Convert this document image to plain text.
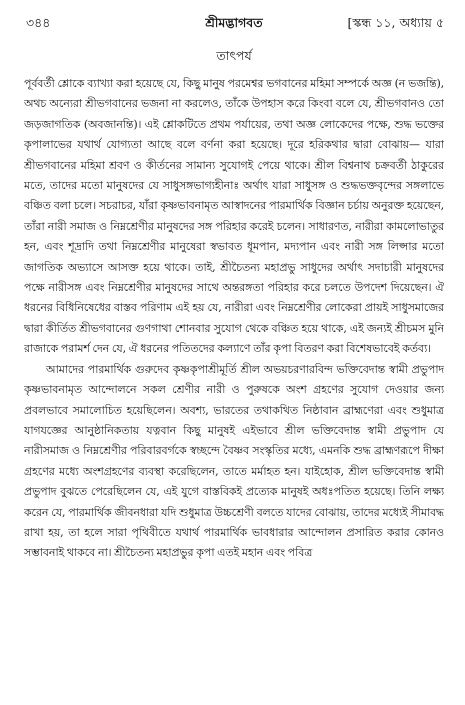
৩৪৪	শ্রীমদ্ভাগবত	[স্কন্ধ ১১, অধ্যায় ৫
তাৎপর্য

পূর্ববর্তী শ্লোকে ব্যাখ্যা করা হয়েছে যে, কিছু মানুষ পরমেশ্বর ভগবানের মহিমা সম্পর্কে অজ্ঞ (ন ভজন্তি), অথচ অন্যেরা শ্রীভগবানের ভজনা না করলেও, তাঁকে উপহাস করে কিংবা বলে যে, শ্রীভগবানও তো জড়জাগতিক (অবজানন্তি)। এই শ্লোকটিতে প্রথম পর্যায়ের, তথা অজ্ঞ লোকেদের পক্ষে, শুদ্ধ ভক্তের কৃপালাভের যথার্থ যোগ্যতা আছে বলে বর্ণনা করা হয়েছে। দূরে হরিকথার দ্বারা বোঝায়— যারা শ্রীভগবানের মহিমা শ্রবণ ও কীর্তনের সামান্য সুযোগই পেয়ে থাকে। শ্রীল বিশ্বনাথ চক্রবর্তী ঠাকুরের মতে, তাদের মতো মানুষদের যে সাধুসঙ্গভাগ্যহীনাঃ অর্থাৎ যারা সাধুসঙ্গ ও শুদ্ধভক্তবৃন্দের সঙ্গলাভে বঞ্চিত বলা চলে। সচরাচর, যাঁরা কৃষ্ণভাবনামৃত আস্বাদনের পারমার্থিক বিজ্ঞান চর্চায় অনুরক্ত হয়েছেন, তাঁরা নারী সমাজ ও নিম্নশ্রেণীর মানুষদের সঙ্গ পরিহার করেই চলেন। সাধারণত, নারীরা কামলোভাতুর হন, এবং শূদ্রাদি তথা নিম্নশ্রেণীর মানুষেরা স্বভাবত ধূমপান, মদ্যপান এবং নারী সঙ্গ লিপ্সার মতো জাগতিক অভ্যাসে আসক্ত হয়ে থাকে। তাই, শ্রীচৈতন্য মহাপ্রভু সাধুদের অর্থাৎ সদাচারী মানুষদের পক্ষে নারীসঙ্গ এবং নিম্নশ্রেণীর মানুষদের সাথে অন্তরঙ্গতা পরিহার করে চলতে উপদেশ দিয়েছেন। ঐ ধরনের বিধিনিষেধের বাস্তব পরিণাম এই হয় যে, নারীরা এবং নিম্নশ্রেণীর লোকেরা প্রায়ই সাধুসমাজের দ্বারা কীর্তিত শ্রীভগবানের গুণগাথা শোনবার সুযোগ থেকে বঞ্চিত হয়ে থাকে, এই জন্যই শ্রীচমস মুনি রাজাকে পরামর্শ দেন যে, ঐ ধরনের পতিতদের কল্যাণে তাঁর কৃপা বিতরণ করা বিশেষভাবেই কর্তব্য।

আমাদের পারমার্থিক গুরুদেব কৃষ্ণকৃপাশ্রীমূর্তি শ্রীল অভয়চরণারবিন্দ ভক্তিবেদান্ত স্বামী প্রভুপাদ কৃষ্ণভাবনামৃত আন্দোলনে সকল শ্রেণীর নারী ও পুরুষকে অংশ গ্রহণের সুযোগ দেওয়ার জন্য প্রবলভাবে সমালোচিত হয়েছিলেন। অবশ্য, ভারতের তথাকথিত নিষ্ঠাবান ব্রাহ্মণেরা এবং শুধুমাত্র যাগযজ্ঞের আনুষ্ঠানিকতায় যত্নবান কিছু মানুষই এইভাবে শ্রীল ভক্তিবেদান্ত স্বামী প্রভুপাদ যে নারীসমাজ ও নিম্নশ্রেণীর পরিবারবর্গকে স্বচ্ছন্দে বৈষ্ণব সংস্কৃতির মধ্যে, এমনকি শুদ্ধ ব্রাহ্মণরূপে দীক্ষা গ্রহণের মধ্যে অংশগ্রহণের ব্যবস্থা করেছিলেন, তাতে মর্মাহত হন। যাইহোক, শ্রীল ভক্তিবেদান্ত স্বামী প্রভুপাদ বুঝতে পেরেছিলেন যে, এই যুগে বাস্তবিকই প্রত্যেক মানুষই অধঃপতিত হয়েছে। তিনি লক্ষ্য করেন যে, পারমার্থিক জীবনধারা যদি শুধুমাত্র উচ্চশ্রেণী বলতে যাদের বোঝায়, তাদের মধ্যেই সীমাবদ্ধ রাখা হয়, তা হলে সারা পৃথিবীতে যথার্থ পারমার্থিক ভাবধারার আন্দোলন প্রসারিত করার কোনও সম্ভাবনাই থাকবে না। শ্রীচৈতন্য মহাপ্রভুর কৃপা এতই মহান এবং পবিত্র
